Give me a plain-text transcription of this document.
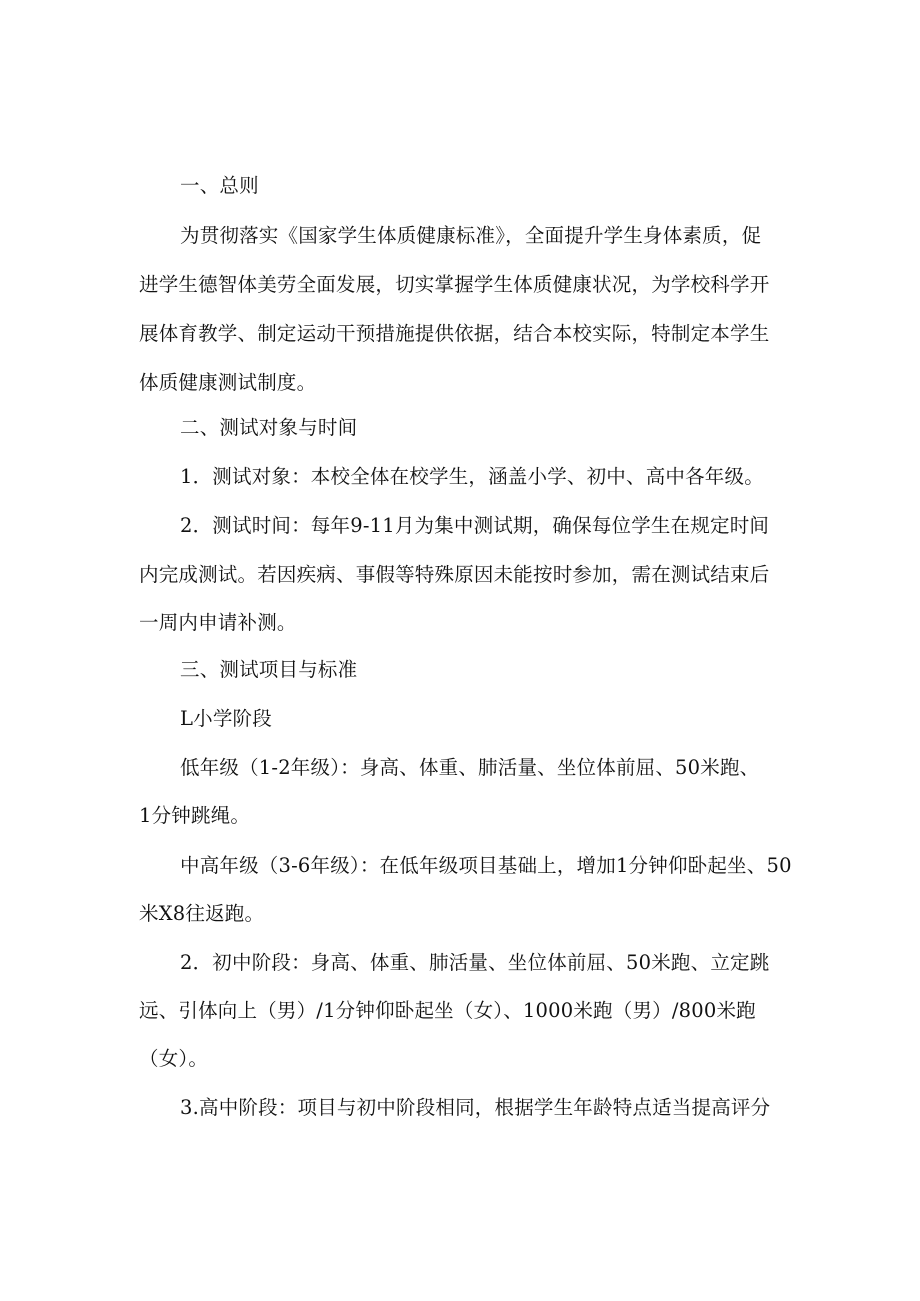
一、总则
为贯彻落实《国家学生体质健康标准》，全面提升学生身体素质，促
进学生德智体美劳全面发展，切实掌握学生体质健康状况，为学校科学开
展体育教学、制定运动干预措施提供依据，结合本校实际，特制定本学生
体质健康测试制度。
二、测试对象与时间
1．测试对象：本校全体在校学生，涵盖小学、初中、高中各年级。
2．测试时间：每年9-11月为集中测试期，确保每位学生在规定时间
内完成测试。若因疾病、事假等特殊原因未能按时参加，需在测试结束后
一周内申请补测。
三、测试项目与标准
L小学阶段
低年级（1-2年级）：身高、体重、肺活量、坐位体前屈、50米跑、
1分钟跳绳。
中高年级（3-6年级）：在低年级项目基础上，增加1分钟仰卧起坐、50
米X8往返跑。
2．初中阶段：身高、体重、肺活量、坐位体前屈、50米跑、立定跳
远、引体向上（男）/1分钟仰卧起坐（女）、1000米跑（男）/800米跑
（女）。
3.高中阶段：项目与初中阶段相同，根据学生年龄特点适当提高评分
